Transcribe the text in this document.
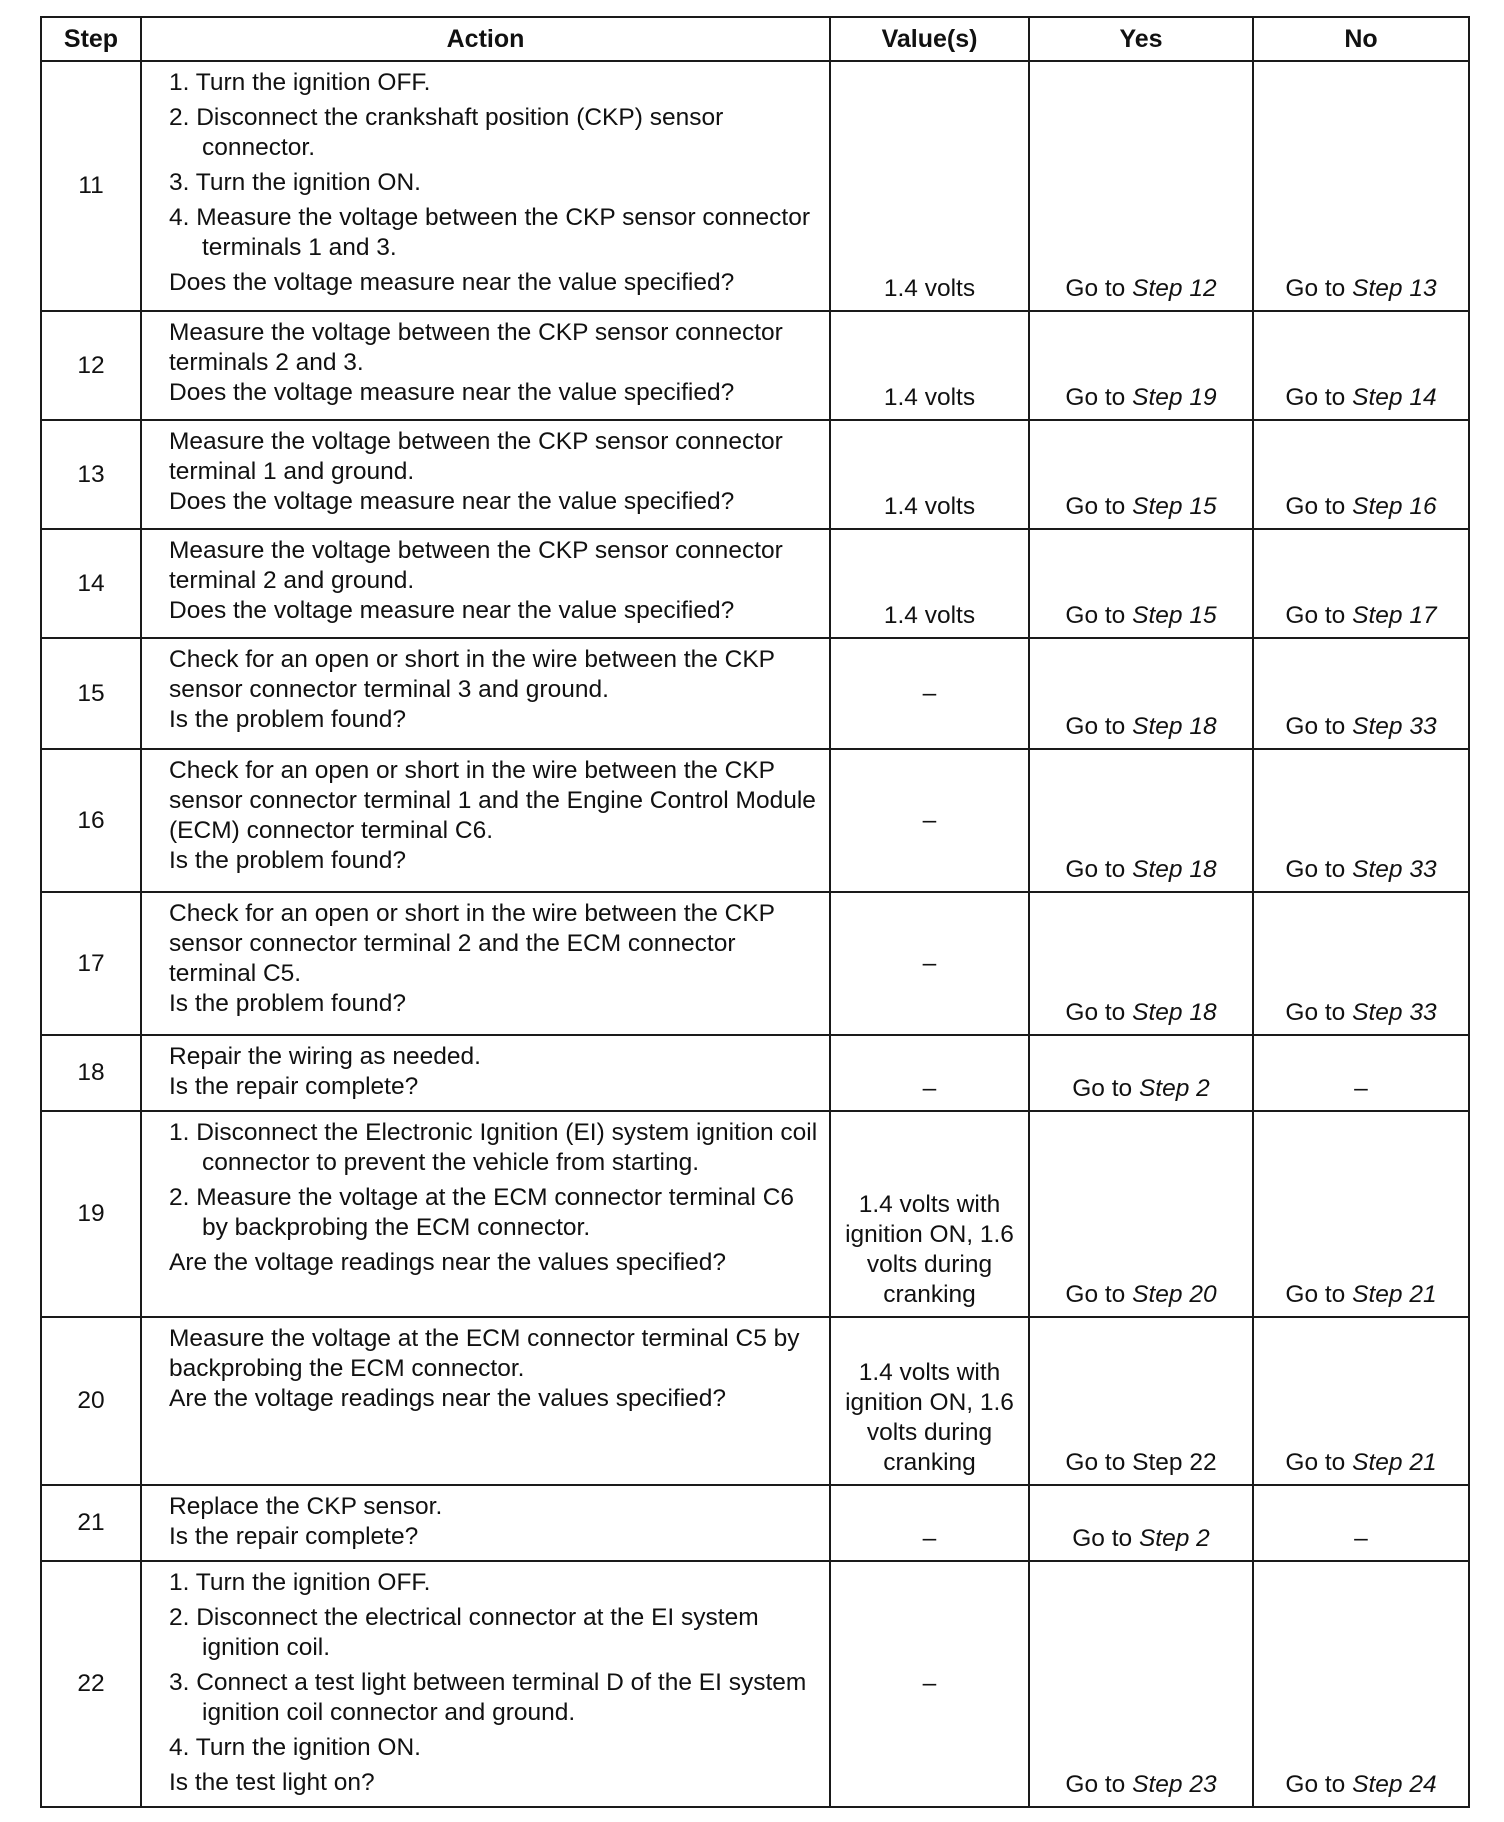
Step	Action	Value(s)	Yes	No
11	1. Turn the ignition OFF.
2. Disconnect the crankshaft position (CKP) sensor connector.
3. Turn the ignition ON.
4. Measure the voltage between the CKP sensor connector terminals 1 and 3.
Does the voltage measure near the value specified?	1.4 volts	Go to Step 12	Go to Step 13
12	Measure the voltage between the CKP sensor connector terminals 2 and 3.
Does the voltage measure near the value specified?	1.4 volts	Go to Step 19	Go to Step 14
13	Measure the voltage between the CKP sensor connector terminal 1 and ground.
Does the voltage measure near the value specified?	1.4 volts	Go to Step 15	Go to Step 16
14	Measure the voltage between the CKP sensor connector terminal 2 and ground.
Does the voltage measure near the value specified?	1.4 volts	Go to Step 15	Go to Step 17
15	Check for an open or short in the wire between the CKP sensor connector terminal 3 and ground.
Is the problem found?	–	Go to Step 18	Go to Step 33
16	Check for an open or short in the wire between the CKP sensor connector terminal 1 and the Engine Control Module (ECM) connector terminal C6.
Is the problem found?	–	Go to Step 18	Go to Step 33
17	Check for an open or short in the wire between the CKP sensor connector terminal 2 and the ECM connector terminal C5.
Is the problem found?	–	Go to Step 18	Go to Step 33
18	Repair the wiring as needed.
Is the repair complete?	–	Go to Step 2	–
19	1. Disconnect the Electronic Ignition (EI) system ignition coil connector to prevent the vehicle from starting.
2. Measure the voltage at the ECM connector terminal C6 by backprobing the ECM connector.
Are the voltage readings near the values specified?	1.4 volts with ignition ON, 1.6 volts during cranking	Go to Step 20	Go to Step 21
20	Measure the voltage at the ECM connector terminal C5 by backprobing the ECM connector.
Are the voltage readings near the values specified?	1.4 volts with ignition ON, 1.6 volts during cranking	Go to Step 22	Go to Step 21
21	Replace the CKP sensor.
Is the repair complete?	–	Go to Step 2	–
22	1. Turn the ignition OFF.
2. Disconnect the electrical connector at the EI system ignition coil.
3. Connect a test light between terminal D of the EI system ignition coil connector and ground.
4. Turn the ignition ON.
Is the test light on?	–	Go to Step 23	Go to Step 24
